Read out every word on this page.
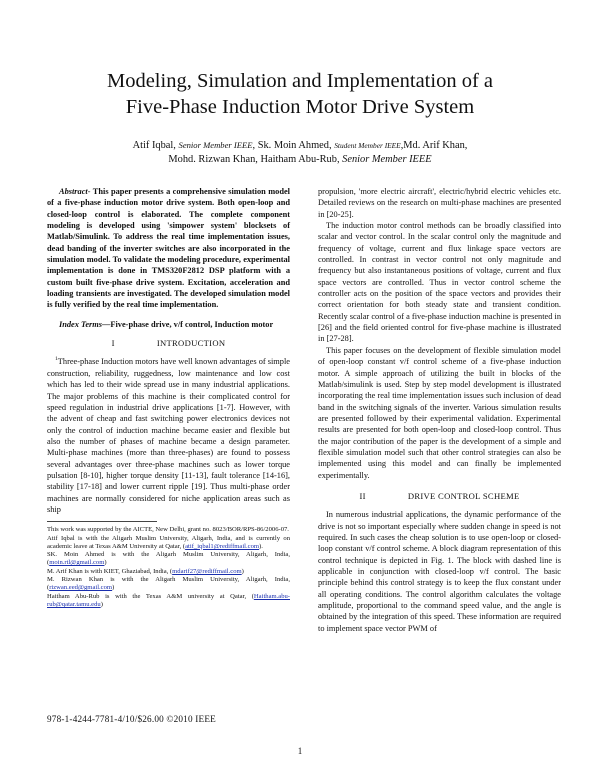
Modeling, Simulation and Implementation of a
Five-Phase Induction Motor Drive System
Atif Iqbal, Senior Member IEEE, Sk. Moin Ahmed, Student Member IEEE,Md. Arif Khan,
Mohd. Rizwan Khan, Haitham Abu-Rub, Senior Member IEEE

Abstract- This paper presents a comprehensive simulation model of a five-phase induction motor drive system. Both open-loop and closed-loop control is elaborated. The complete component modeling is developed using 'simpower system' blocksets of Matlab/Simulink. To address the real time implementation issues, dead banding of the inverter switches are also incorporated in the simulation model. To validate the modeling procedure, experimental implementation is done in TMS320F2812 DSP platform with a custom built five-phase drive system. Excitation, acceleration and loading transients are investigated. The developed simulation model is fully verified by the real time implementation.

Index Terms—Five-phase drive, v/f control, Induction motor

I	INTRODUCTION

$^1$Three-phase Induction motors have well known advantages of simple construction, reliability, ruggedness, low maintenance and low cost which has led to their wide spread use in many industrial applications. The major problems of this machine is their complicated control for speed regulation in industrial drive applications [1-7]. However, with the advent of cheap and fast switching power electronics devices not only the control of induction machine became easier and flexible but also the number of phases of machine became a design parameter. Multi-phase machines (more than three-phases) are found to possess several advantages over three-phase machines such as lower torque pulsation [8-10], higher torque density [11-13], fault tolerance [14-16], stability [17-18] and lower current ripple [19]. Thus multi-phase order machines are normally considered for niche application areas such as ship

This work was supported by the AICTE, New Delhi, grant no. 8023/BOR/RPS-86/2006-07.

Atif Iqbal is with the Aligarh Muslim University, Aligarh, India, and is currently on academic leave at Texas A&M University at Qatar, (atif_iqbal1@rediffmail.com).

SK. Moin Ahmed is with the Aligarh Muslim University, Aligarh, India, (moin.rtl@gmail.com)

M. Arif Khan is with KIET, Ghaziabad, India, (mdarif27@rediffmail.com)

M. Rizwan Khan is with the Aligarh Muslim University, Aligarh, India, (rizwan.eed@gmail.com)

Haitham Abu-Rub is with the Texas A&M university at Qatar, (Haitham.abu-rub@qatar.tamu.edu)

978-1-4244-7781-4/10/$26.00 ©2010 IEEE

propulsion, 'more electric aircraft', electric/hybrid electric vehicles etc. Detailed reviews on the research on multi-phase machines are presented in [20-25].

The induction motor control methods can be broadly classified into scalar and vector control. In the scalar control only the magnitude and frequency of voltage, current and flux linkage space vectors are controlled. In contrast in vector control not only magnitude and frequency but also instantaneous positions of voltage, current and flux space vectors are controlled. Thus in vector control scheme the controller acts on the position of the space vectors and provides their correct orientation for both steady state and transient condition. Recently scalar control of a five-phase induction machine is presented in [26] and the field oriented control for five-phase machine is illustrated in [27-28].

This paper focuses on the development of flexible simulation model of open-loop constant v/f control scheme of a five-phase induction motor. A simple approach of utilizing the built in blocks of the Matlab/simulink is used. Step by step model development is illustrated incorporating the real time implementation issues such inclusion of dead band in the switching signals of the inverter. Various simulation results are presented followed by their experimental validation. Experimental results are presented for both open-loop and closed-loop control. Thus the major contribution of the paper is the development of a simple and flexible simulation model such that other control strategies can also be implemented using this model and can finally be implemented experimentally.

II	DRIVE CONTROL SCHEME

In numerous industrial applications, the dynamic performance of the drive is not so important especially where sudden change in speed is not required. In such cases the cheap solution is to use open-loop or closed-loop constant v/f control scheme. A block diagram representation of this control technique is depicted in Fig. 1. The block with dashed line is applicable in conjunction with closed-loop v/f control. The basic principle behind this control strategy is to keep the flux constant under all operating conditions. The control algorithm calculates the voltage amplitude, proportional to the command speed value, and the angle is obtained by the integration of this speed. These information are required to implement space vector PWM of

1
